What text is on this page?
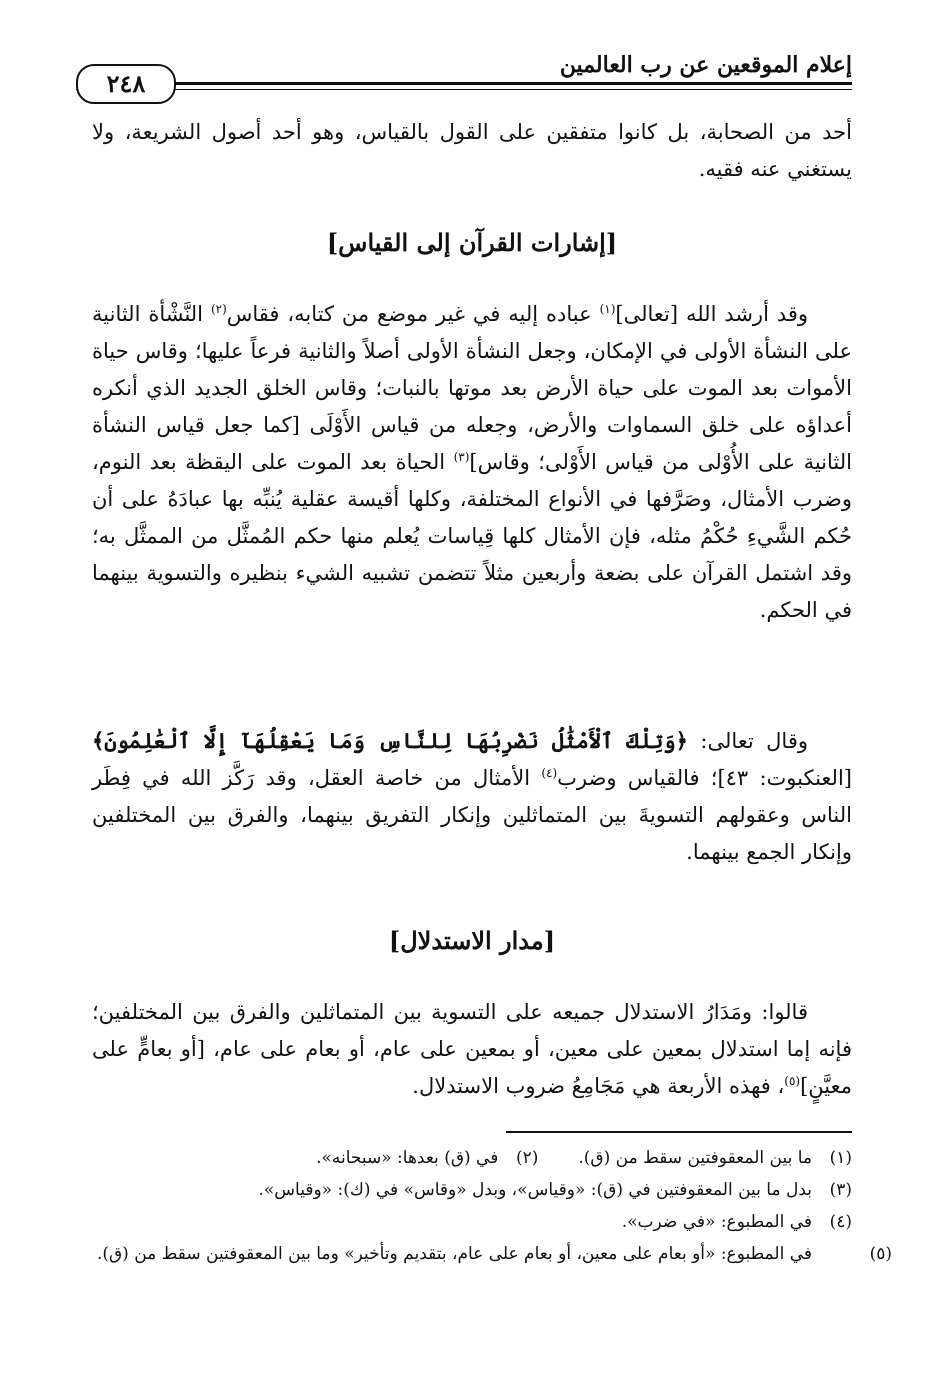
إعلام الموقعين عن رب العالمين
٢٤٨

أحد من الصحابة، بل كانوا متفقين على القول بالقياس، وهو أحد أصول الشريعة، ولا يستغني عنه فقيه.

[إشارات القرآن إلى القياس]

وقد أرشد الله [تعالى]$^{(١)}$ عباده إليه في غير موضع من كتابه، فقاس$^{(٢)}$ النَّشْأة الثانية على النشأة الأولى في الإمكان، وجعل النشأة الأولى أصلاً والثانية فرعاً عليها؛ وقاس حياة الأموات بعد الموت على حياة الأرض بعد موتها بالنبات؛ وقاس الخلق الجديد الذي أنكره أعداؤه على خلق السماوات والأرض، وجعله من قياس الأَوْلَى [كما جعل قياس النشأة الثانية على الأُوْلى من قياس الأَوْلى؛ وقاس]$^{(٣)}$ الحياة بعد الموت على اليقظة بعد النوم، وضرب الأمثال، وصَرَّفها في الأنواع المختلفة، وكلها أقيسة عقلية يُنبِّه بها عبادَهُ على أن حُكم الشَّيءِ حُكْمُ مثله، فإن الأمثال كلها قِياسات يُعلم منها حكم المُمثَّل من الممثَّل به؛ وقد اشتمل القرآن على بضعة وأربعين مثلاً تتضمن تشبيه الشيء بنظيره والتسوية بينهما في الحكم.

وقال تعالى: ﴿وَتِلْكَ ٱلْأَمْثَٰلُ نَضْرِبُهَا لِلنَّاسِ وَمَا يَعْقِلُهَآ إِلَّا ٱلْعَٰلِمُونَ﴾ [العنكبوت: ٤٣]؛ فالقياس وضرب$^{(٤)}$ الأمثال من خاصة العقل، وقد رَكَّز الله في فِطَر الناس وعقولهم التسويةَ بين المتماثلين وإنكار التفريق بينهما، والفرق بين المختلفين وإنكار الجمع بينهما.

[مدار الاستدلال]

قالوا: ومَدَارُ الاستدلال جميعه على التسوية بين المتماثلين والفرق بين المختلفين؛ فإنه إما استدلال بمعين على معين، أو بمعين على عام، أو بعام على عام، [أو بعامٍّ على معيَّنٍ]$^{(٥)}$، فهذه الأربعة هي مَجَامِعُ ضروب الاستدلال.

(١)ما بين المعقوفتين سقط من (ق).(٢)في (ق) بعدها: «سبحانه».
(٣)بدل ما بين المعقوفتين في (ق): «وقياس»، وبدل «وقاس» في (ك): «وقياس».
(٤)في المطبوع: «في ضرب».
(٥)في المطبوع: «أو بعام على معين، أو بعام على عام، بتقديم وتأخير» وما بين المعقوفتين سقط من (ق).
